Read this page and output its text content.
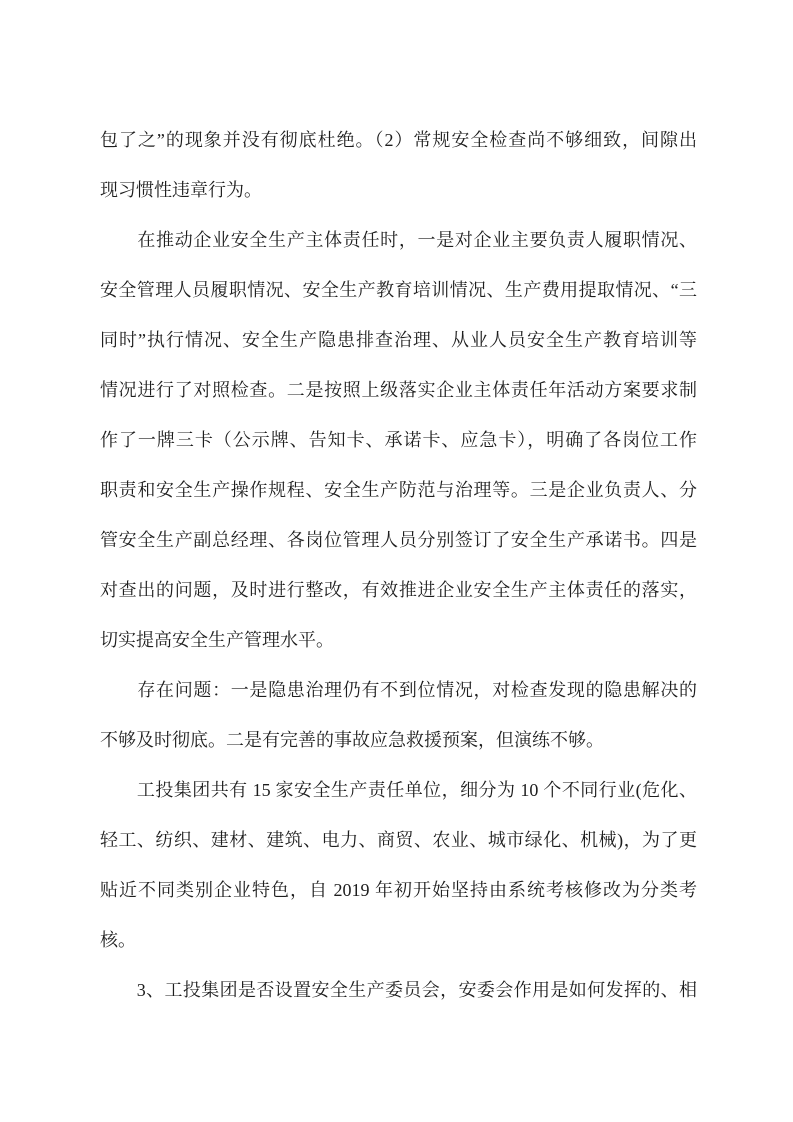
包了之”的现象并没有彻底杜绝。（2）常规安全检查尚不够细致，间隙出
现习惯性违章行为。
　　在推动企业安全生产主体责任时，一是对企业主要负责人履职情况、
安全管理人员履职情况、安全生产教育培训情况、生产费用提取情况、“三
同时”执行情况、安全生产隐患排查治理、从业人员安全生产教育培训等
情况进行了对照检查。二是按照上级落实企业主体责任年活动方案要求制
作了一牌三卡（公示牌、告知卡、承诺卡、应急卡），明确了各岗位工作
职责和安全生产操作规程、安全生产防范与治理等。三是企业负责人、分
管安全生产副总经理、各岗位管理人员分别签订了安全生产承诺书。四是
对查出的问题，及时进行整改，有效推进企业安全生产主体责任的落实，
切实提高安全生产管理水平。
　　存在问题：一是隐患治理仍有不到位情况，对检查发现的隐患解决的
不够及时彻底。二是有完善的事故应急救援预案，但演练不够。
　　工投集团共有 15 家安全生产责任单位，细分为 10 个不同行业(危化、
轻工、纺织、建材、建筑、电力、商贸、农业、城市绿化、机械)，为了更
贴近不同类别企业特色，自 2019 年初开始坚持由系统考核修改为分类考
核。
　　3、工投集团是否设置安全生产委员会，安委会作用是如何发挥的、相
